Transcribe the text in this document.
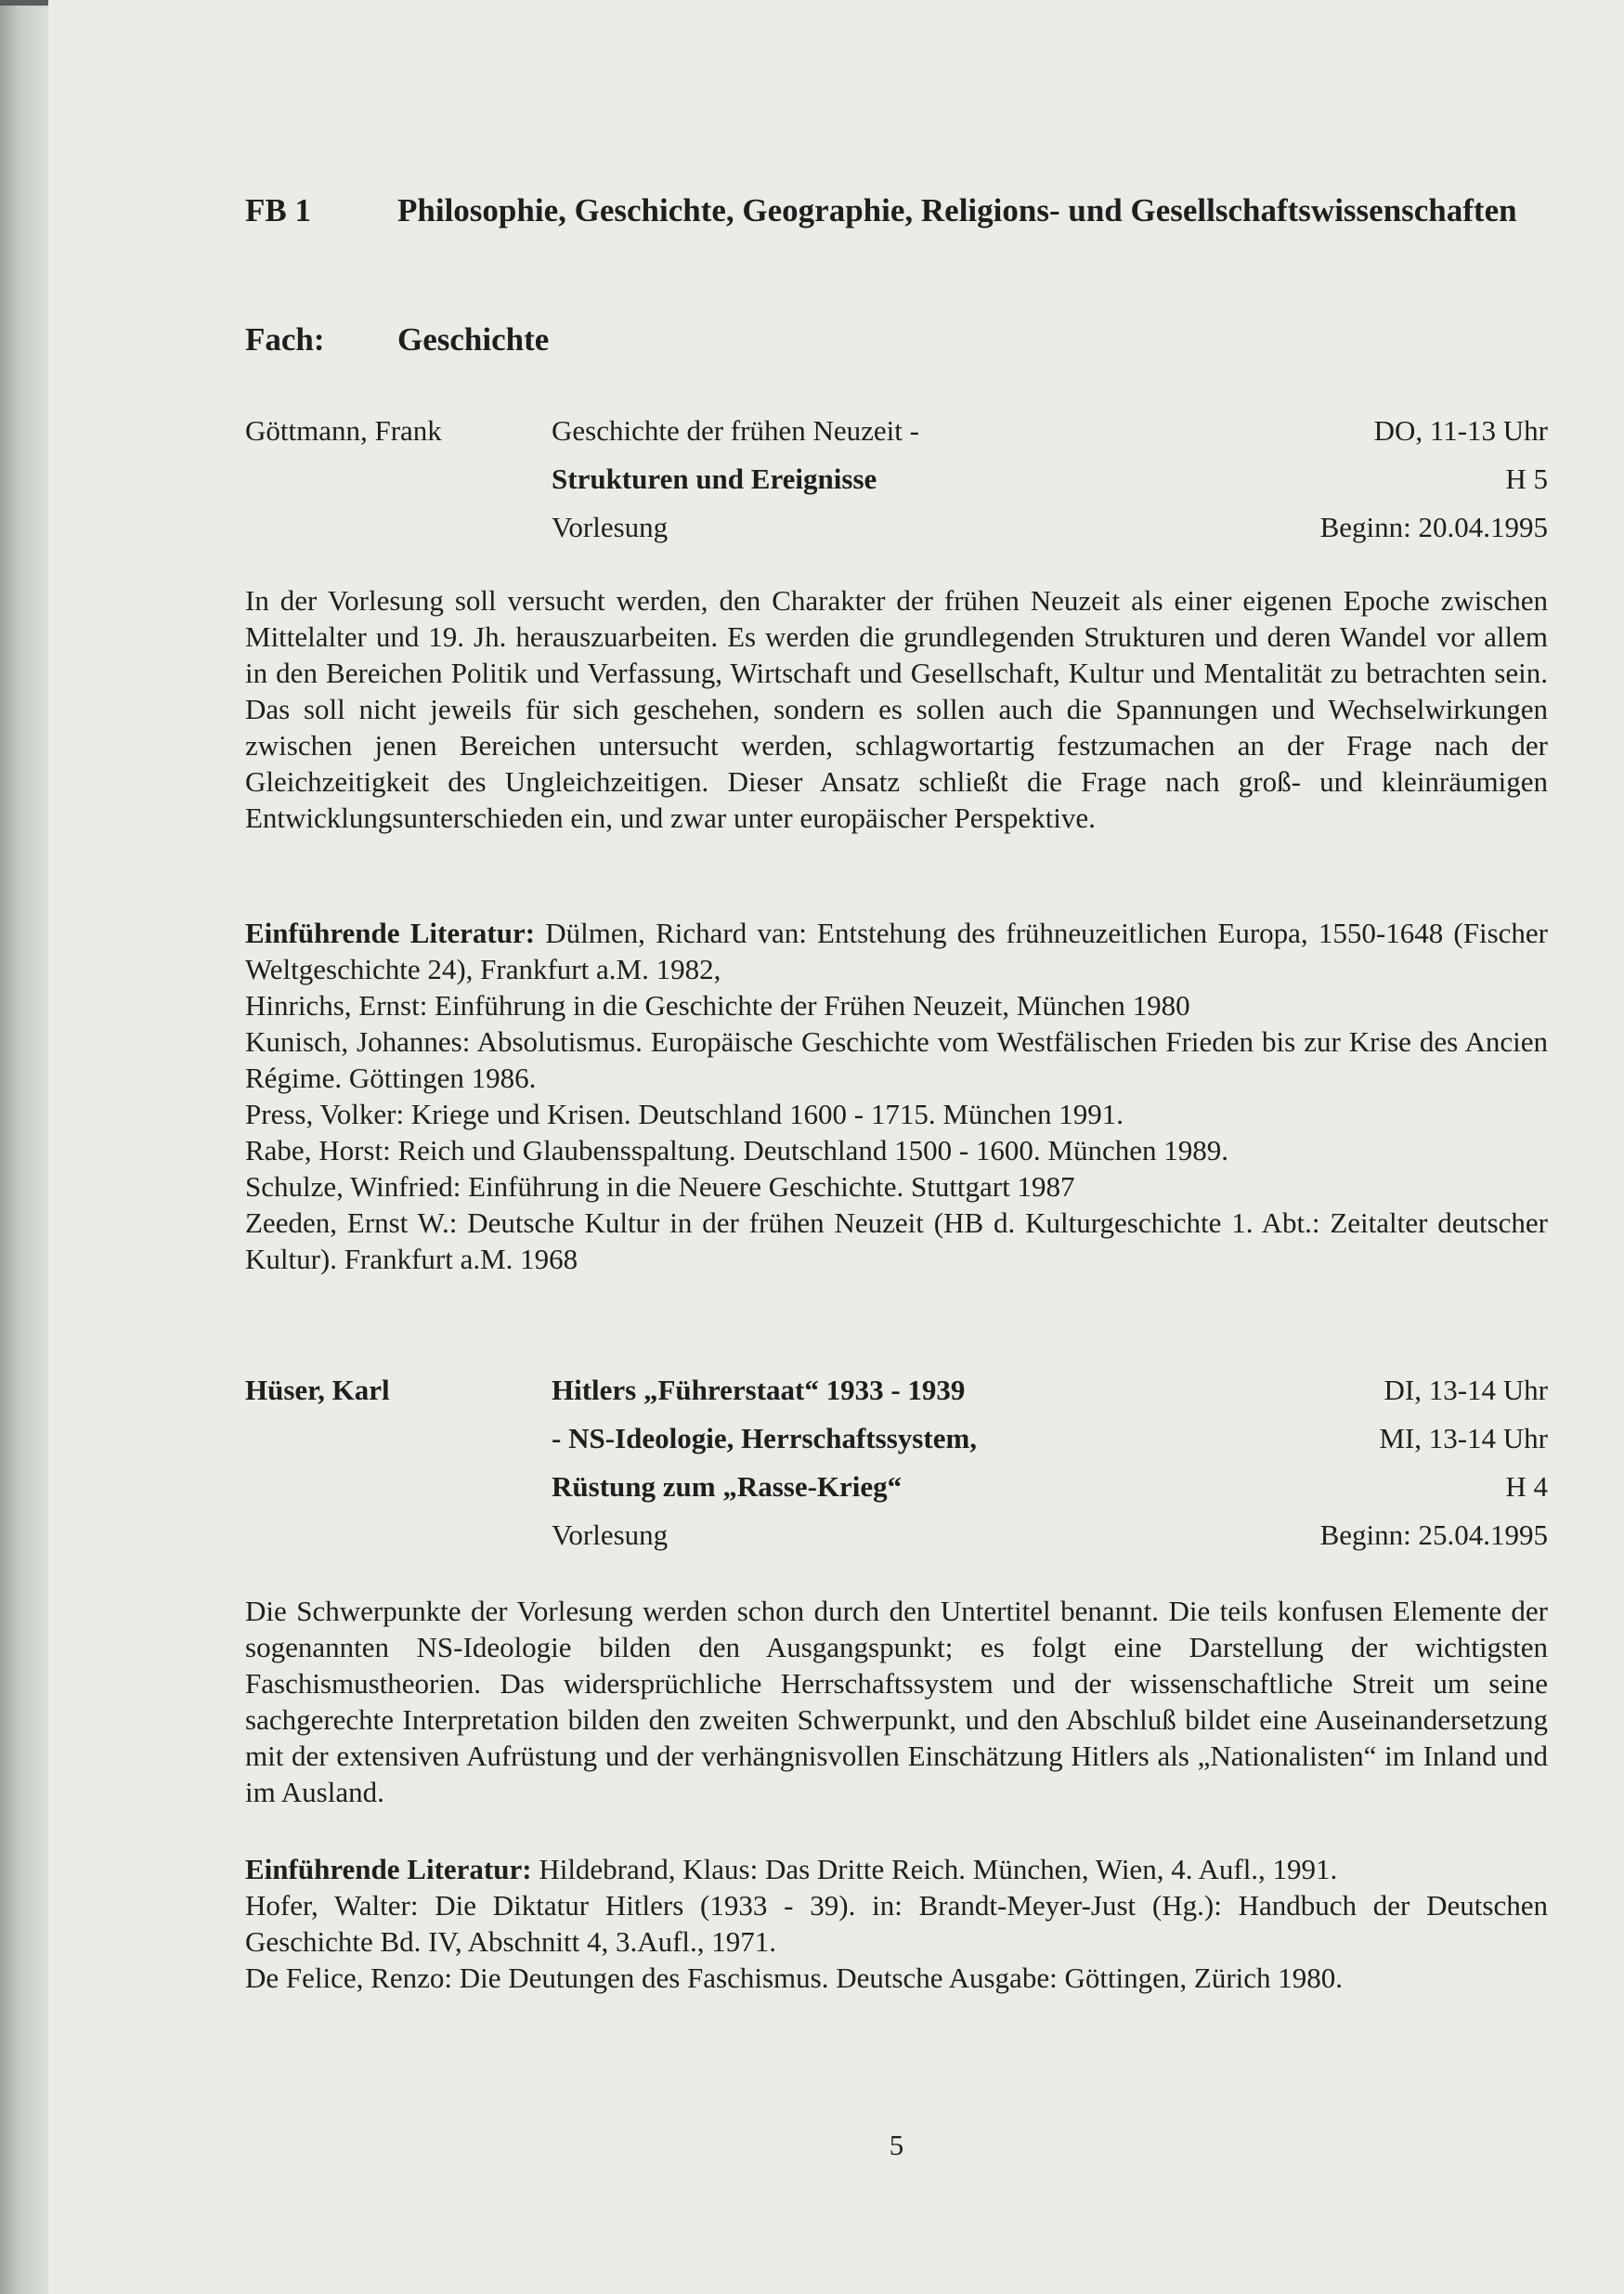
FB 1	Philosophie, Geschichte, Geographie, Religions- und Gesellschaftswissenschaften
Fach:	Geschichte
Göttmann, Frank	Geschichte der frühen Neuzeit -	DO, 11-13 Uhr
Strukturen und Ereignisse	H 5
Vorlesung	Beginn: 20.04.1995

In der Vorlesung soll versucht werden, den Charakter der frühen Neuzeit als einer eigenen Epoche zwischen Mittelalter und 19. Jh. herauszuarbeiten. Es werden die grundlegenden Strukturen und deren Wandel vor allem in den Bereichen Politik und Verfassung, Wirtschaft und Gesellschaft, Kultur und Mentalität zu betrachten sein. Das soll nicht jeweils für sich geschehen, sondern es sollen auch die Spannungen und Wechselwirkungen zwischen jenen Bereichen untersucht werden, schlagwortartig festzumachen an der Frage nach der Gleichzeitigkeit des Ungleichzeitigen. Dieser Ansatz schließt die Frage nach groß- und kleinräumigen Entwicklungsunterschieden ein, und zwar unter europäischer Perspektive.

Einführende Literatur: Dülmen, Richard van: Entstehung des frühneuzeitlichen Europa, 1550-1648 (Fischer Weltgeschichte 24), Frankfurt a.M. 1982,
Hinrichs, Ernst: Einführung in die Geschichte der Frühen Neuzeit, München 1980
Kunisch, Johannes: Absolutismus. Europäische Geschichte vom Westfälischen Frieden bis zur Krise des Ancien Régime. Göttingen 1986.
Press, Volker: Kriege und Krisen. Deutschland 1600 - 1715. München 1991.
Rabe, Horst: Reich und Glaubensspaltung. Deutschland 1500 - 1600. München 1989.
Schulze, Winfried: Einführung in die Neuere Geschichte. Stuttgart 1987
Zeeden, Ernst W.: Deutsche Kultur in der frühen Neuzeit (HB d. Kulturgeschichte 1. Abt.: Zeitalter deutscher Kultur). Frankfurt a.M. 1968
Hüser, Karl	Hitlers „Führerstaat“ 1933 - 1939	DI, 13-14 Uhr
- NS-Ideologie, Herrschaftssystem,	MI, 13-14 Uhr
Rüstung zum „Rasse-Krieg“	H 4
Vorlesung	Beginn: 25.04.1995

Die Schwerpunkte der Vorlesung werden schon durch den Untertitel benannt. Die teils konfusen Elemente der sogenannten NS-Ideologie bilden den Ausgangspunkt; es folgt eine Darstellung der wichtigsten Faschismustheorien. Das widersprüchliche Herrschaftssystem und der wissenschaftliche Streit um seine sachgerechte Interpretation bilden den zweiten Schwerpunkt, und den Abschluß bildet eine Auseinandersetzung mit der extensiven Aufrüstung und der verhängnisvollen Einschätzung Hitlers als „Nationalisten“ im Inland und im Ausland.

Einführende Literatur: Hildebrand, Klaus: Das Dritte Reich. München, Wien, 4. Aufl., 1991.
Hofer, Walter: Die Diktatur Hitlers (1933 - 39). in: Brandt-Meyer-Just (Hg.): Handbuch der Deutschen Geschichte Bd. IV, Abschnitt 4, 3.Aufl., 1971.
De Felice, Renzo: Die Deutungen des Faschismus. Deutsche Ausgabe: Göttingen, Zürich 1980.
5
